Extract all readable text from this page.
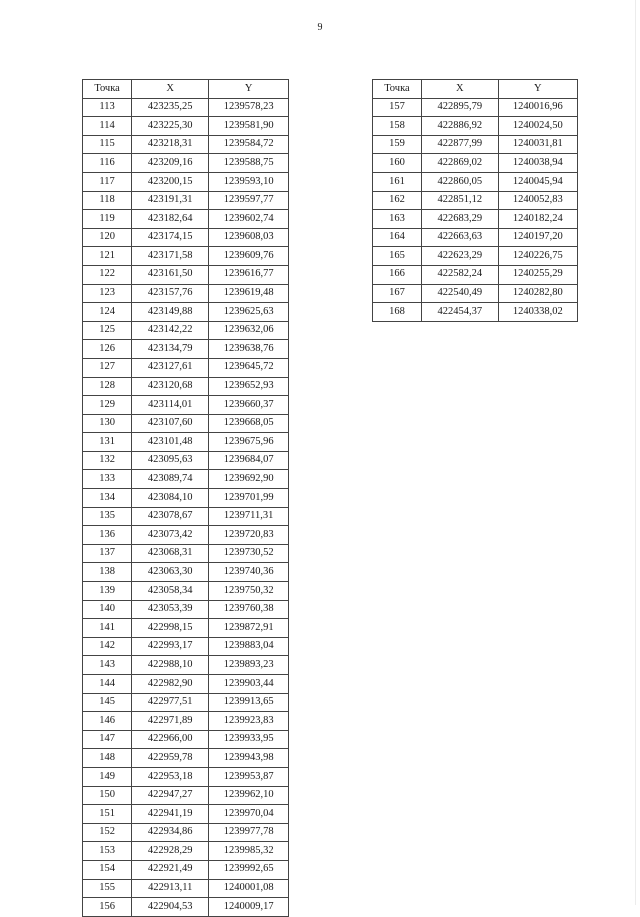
9
Точка	X	Y
113	423235,25	1239578,23
114	423225,30	1239581,90
115	423218,31	1239584,72
116	423209,16	1239588,75
117	423200,15	1239593,10
118	423191,31	1239597,77
119	423182,64	1239602,74
120	423174,15	1239608,03
121	423171,58	1239609,76
122	423161,50	1239616,77
123	423157,76	1239619,48
124	423149,88	1239625,63
125	423142,22	1239632,06
126	423134,79	1239638,76
127	423127,61	1239645,72
128	423120,68	1239652,93
129	423114,01	1239660,37
130	423107,60	1239668,05
131	423101,48	1239675,96
132	423095,63	1239684,07
133	423089,74	1239692,90
134	423084,10	1239701,99
135	423078,67	1239711,31
136	423073,42	1239720,83
137	423068,31	1239730,52
138	423063,30	1239740,36
139	423058,34	1239750,32
140	423053,39	1239760,38
141	422998,15	1239872,91
142	422993,17	1239883,04
143	422988,10	1239893,23
144	422982,90	1239903,44
145	422977,51	1239913,65
146	422971,89	1239923,83
147	422966,00	1239933,95
148	422959,78	1239943,98
149	422953,18	1239953,87
150	422947,27	1239962,10
151	422941,19	1239970,04
152	422934,86	1239977,78
153	422928,29	1239985,32
154	422921,49	1239992,65
155	422913,11	1240001,08
156	422904,53	1240009,17
Точка	X	Y
157	422895,79	1240016,96
158	422886,92	1240024,50
159	422877,99	1240031,81
160	422869,02	1240038,94
161	422860,05	1240045,94
162	422851,12	1240052,83
163	422683,29	1240182,24
164	422663,63	1240197,20
165	422623,29	1240226,75
166	422582,24	1240255,29
167	422540,49	1240282,80
168	422454,37	1240338,02
